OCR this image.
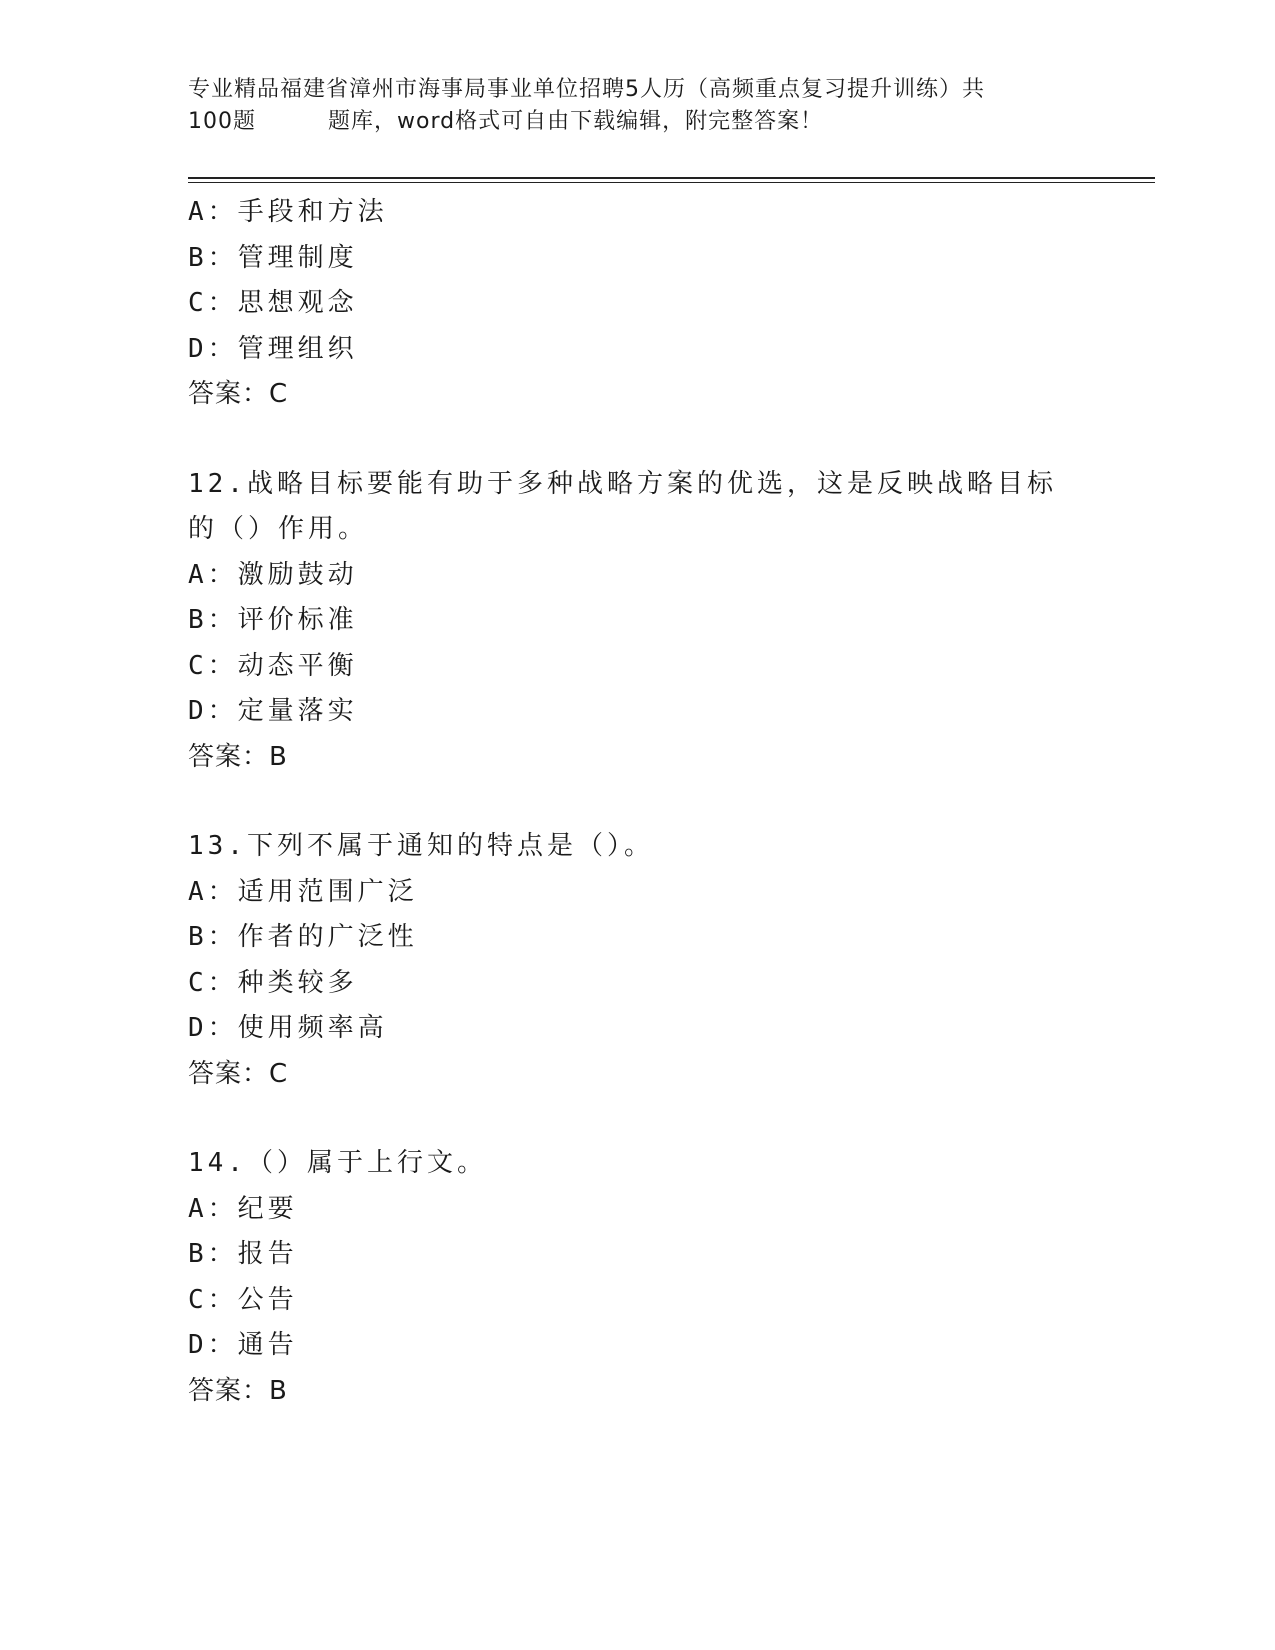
专业精品福建省漳州市海事局事业单位招聘5人历（高频重点复习提升训练）共
100题	题库，word格式可自由下载编辑，附完整答案！
A：手段和方法
B：管理制度
C：思想观念
D：管理组织
答案：C
12.战略目标要能有助于多种战略方案的优选，这是反映战略目标的（）作用。
A：激励鼓动
B：评价标准
C：动态平衡
D：定量落实
答案：B
13.下列不属于通知的特点是（）。
A：适用范围广泛
B：作者的广泛性
C：种类较多
D：使用频率高
答案：C
14.（）属于上行文。
A：纪要
B：报告
C：公告
D：通告
答案：B
